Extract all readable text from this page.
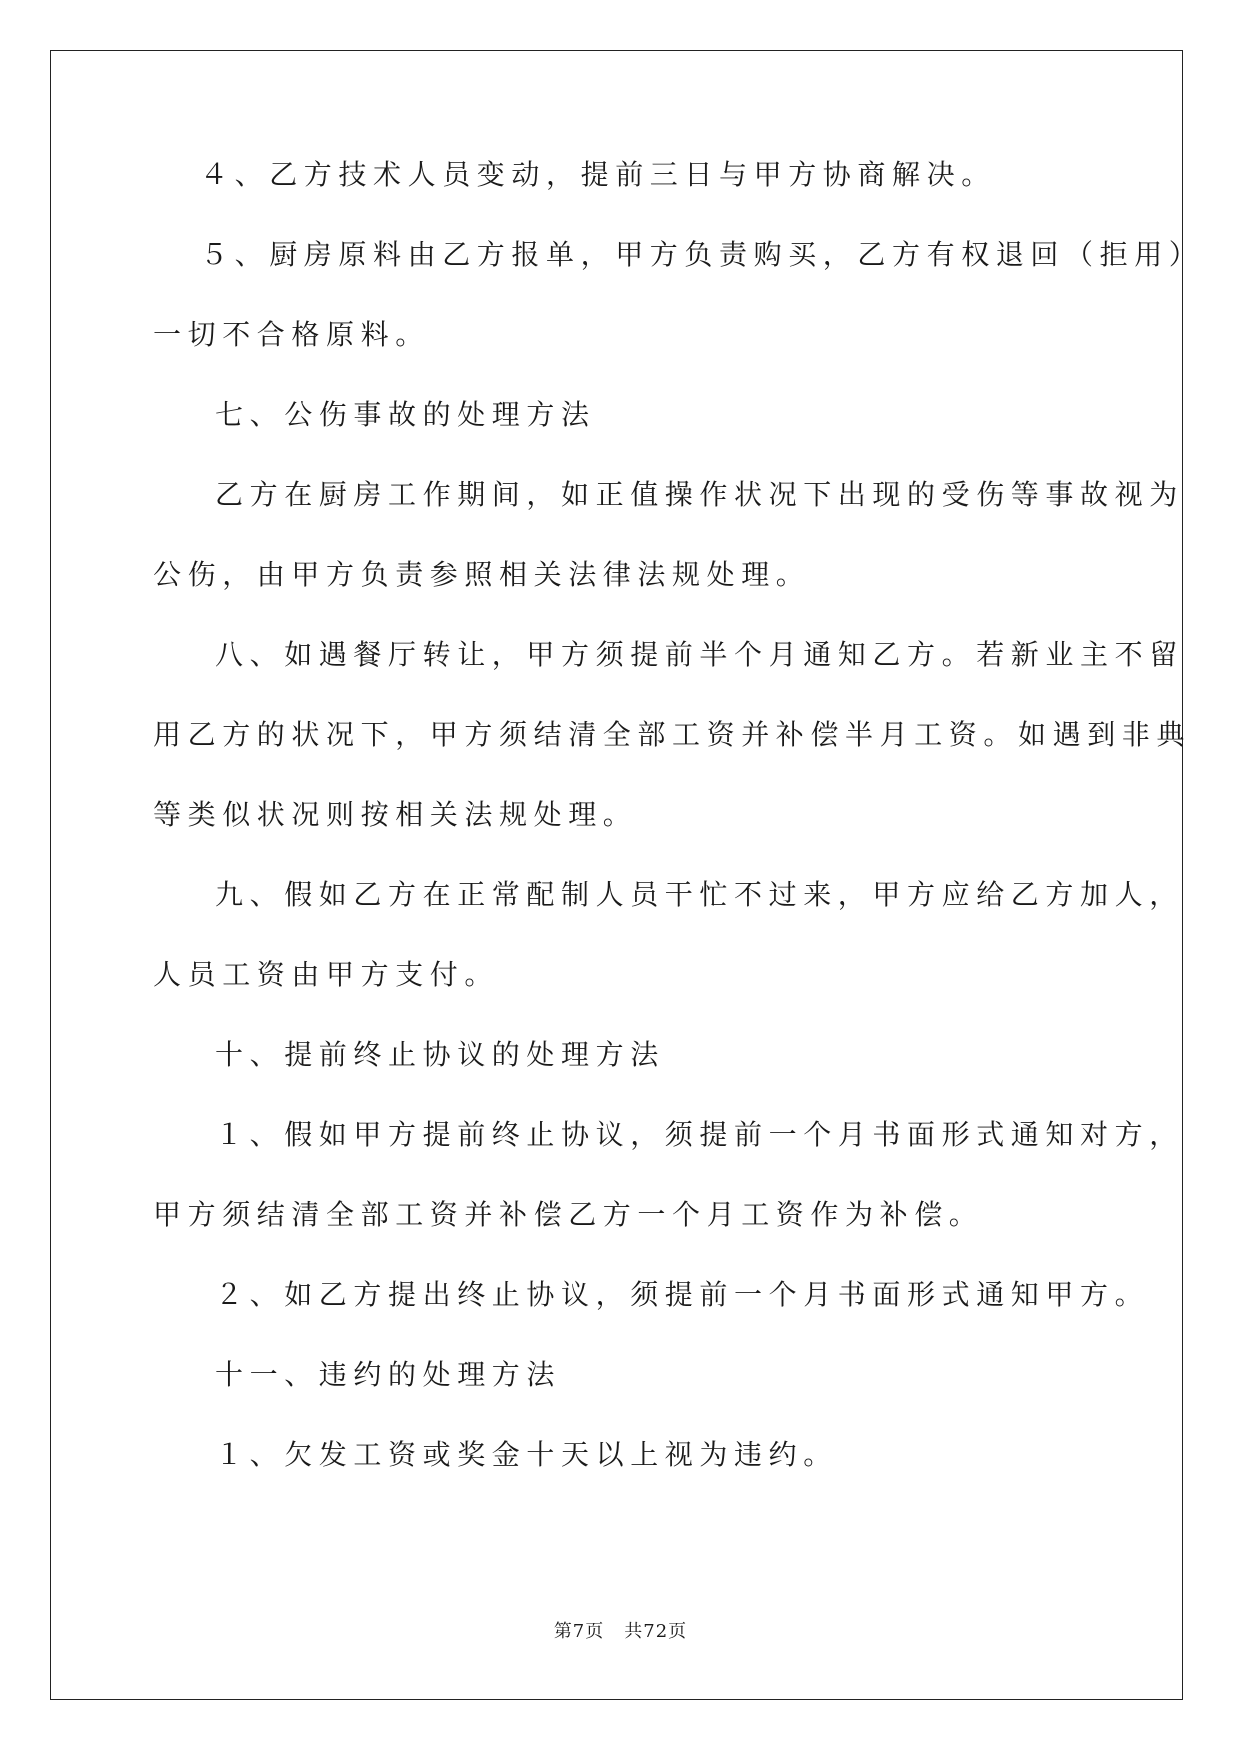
４、乙方技术人员变动，提前三日与甲方协商解决。
５、厨房原料由乙方报单，甲方负责购买，乙方有权退回（拒用）
一切不合格原料。
七、公伤事故的处理方法
乙方在厨房工作期间，如正值操作状况下出现的受伤等事故视为
公伤，由甲方负责参照相关法律法规处理。
八、如遇餐厅转让，甲方须提前半个月通知乙方。若新业主不留
用乙方的状况下，甲方须结清全部工资并补偿半月工资。如遇到非典
等类似状况则按相关法规处理。
九、假如乙方在正常配制人员干忙不过来，甲方应给乙方加人，
人员工资由甲方支付。
十、提前终止协议的处理方法
１、假如甲方提前终止协议，须提前一个月书面形式通知对方，
甲方须结清全部工资并补偿乙方一个月工资作为补偿。
２、如乙方提出终止协议，须提前一个月书面形式通知甲方。
十一、违约的处理方法
１、欠发工资或奖金十天以上视为违约。
第7页 共72页
